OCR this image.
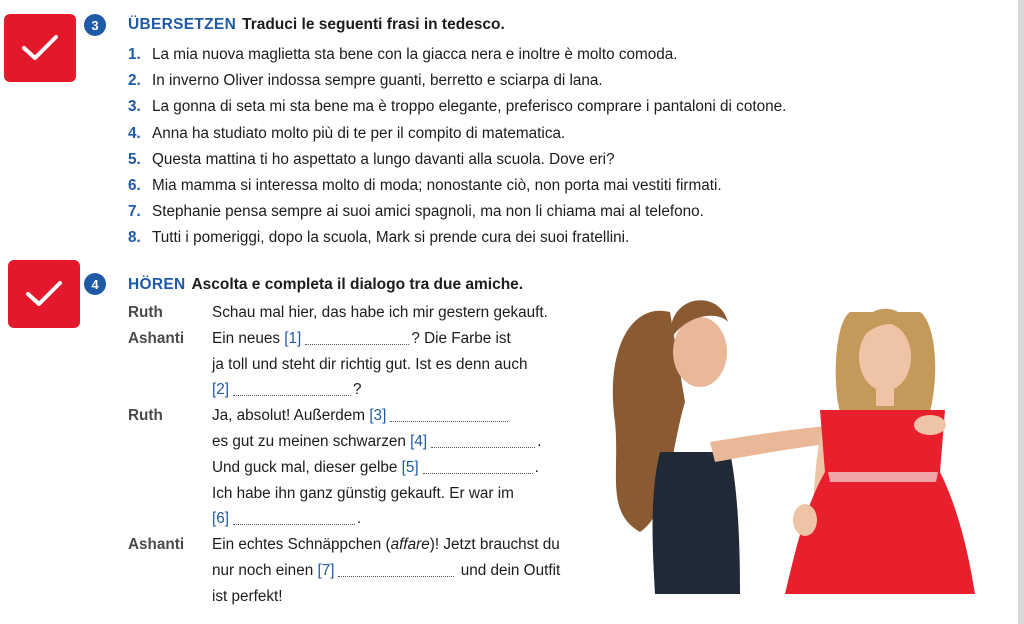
3	ÜBERSETZEN Traduci le seguenti frasi in tedesco.
1. La mia nuova maglietta sta bene con la giacca nera e inoltre è molto comoda.
2. In inverno Oliver indossa sempre guanti, berretto e sciarpa di lana.
3. La gonna di seta mi sta bene ma è troppo elegante, preferisco comprare i pantaloni di cotone.
4. Anna ha studiato molto più di te per il compito di matematica.
5. Questa mattina ti ho aspettato a lungo davanti alla scuola. Dove eri?
6. Mia mamma si interessa molto di moda; nonostante ciò, non porta mai vestiti firmati.
7. Stephanie pensa sempre ai suoi amici spagnoli, ma non li chiama mai al telefono.
8. Tutti i pomeriggi, dopo la scuola, Mark si prende cura dei suoi fratellini.
4	HÖREN Ascolta e completa il dialogo tra due amiche.
Ruth	Schau mal hier, das habe ich mir gestern gekauft.
Ashanti	Ein neues
[1]	? Die Farbe ist
ja toll und steht dir richtig gut. Ist es denn auch
[2]	?
Ruth	Ja, absolut! Außerdem
[3]
es gut zu meinen schwarzen
[4]	.
Und guck mal, dieser gelbe
[5]	.
Ich habe ihn ganz günstig gekauft. Er war im
[6]	.
Ashanti	Ein echtes Schnäppchen ( affare )! Jetzt brauchst du
nur noch einen
[7]
	und dein Outfit
ist perfekt!
